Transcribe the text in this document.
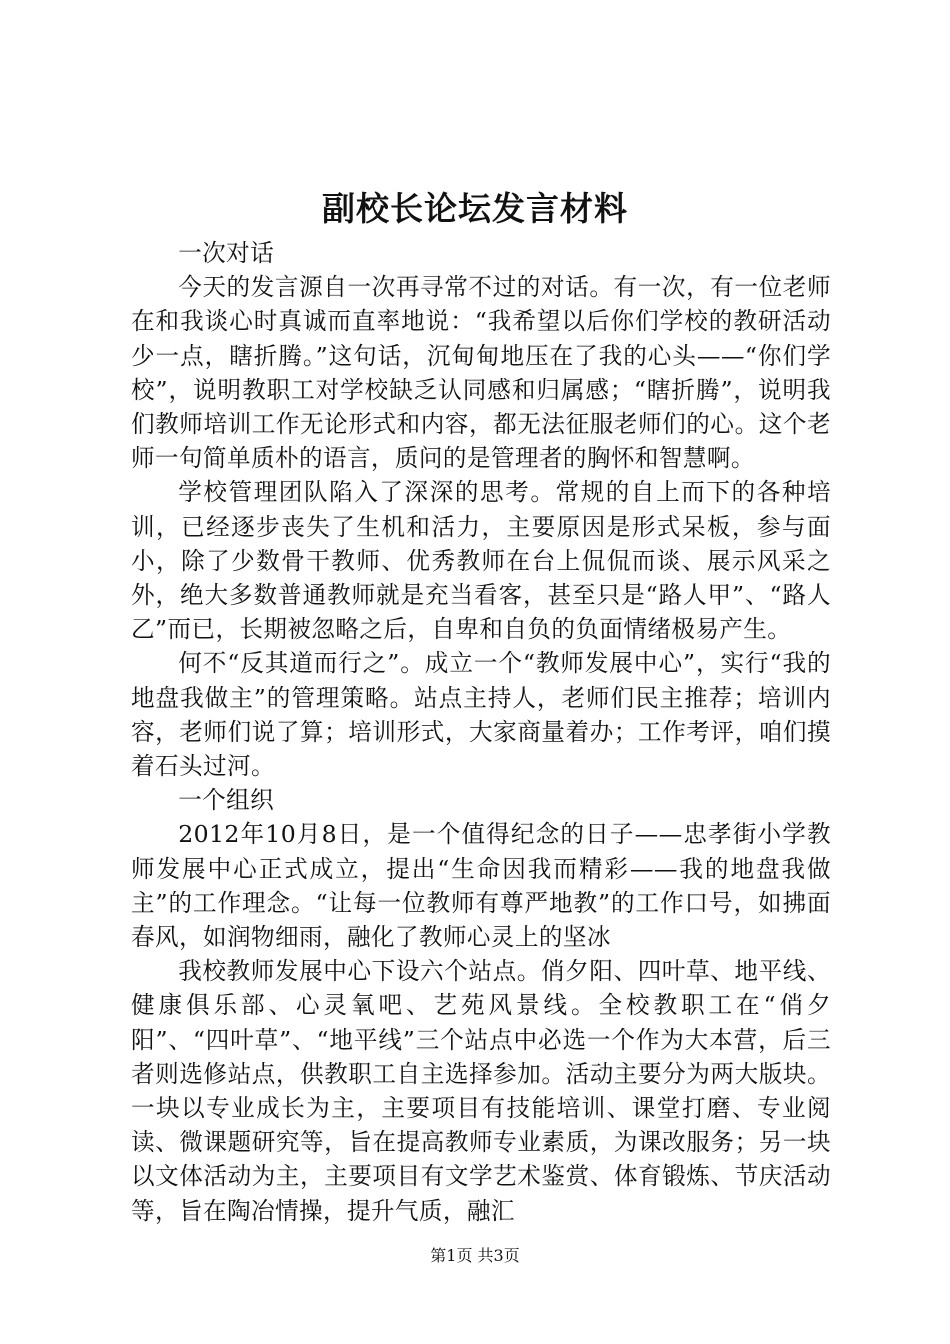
副校长论坛发言材料

一次对话

今天的发言源自一次再寻常不过的对话。有一次，有一位老师在和我谈心时真诚而直率地说：“我希望以后你们学校的教研活动少一点，瞎折腾。”这句话，沉甸甸地压在了我的心头——“你们学校”，说明教职工对学校缺乏认同感和归属感；“瞎折腾”，说明我们教师培训工作无论形式和内容，都无法征服老师们的心。这个老师一句简单质朴的语言，质问的是管理者的胸怀和智慧啊。

学校管理团队陷入了深深的思考。常规的自上而下的各种培训，已经逐步丧失了生机和活力，主要原因是形式呆板，参与面小，除了少数骨干教师、优秀教师在台上侃侃而谈、展示风采之外，绝大多数普通教师就是充当看客，甚至只是“路人甲”、“路人乙”而已，长期被忽略之后，自卑和自负的负面情绪极易产生。

何不“反其道而行之”。成立一个“教师发展中心”，实行“我的地盘我做主”的管理策略。站点主持人，老师们民主推荐；培训内容，老师们说了算；培训形式，大家商量着办；工作考评，咱们摸着石头过河。

一个组织

2012年10月8日，是一个值得纪念的日子——忠孝街小学教师发展中心正式成立，提出“生命因我而精彩——我的地盘我做主”的工作理念。“让每一位教师有尊严地教”的工作口号，如拂面春风，如润物细雨，融化了教师心灵上的坚冰

我校教师发展中心下设六个站点。俏夕阳、四叶草、地平线、健康俱乐部、心灵氧吧、艺苑风景线。全校教职工在“俏夕阳”、“四叶草”、“地平线”三个站点中必选一个作为大本营，后三者则选修站点，供教职工自主选择参加。活动主要分为两大版块。一块以专业成长为主，主要项目有技能培训、课堂打磨、专业阅读、微课题研究等，旨在提高教师专业素质，为课改服务；另一块以文体活动为主，主要项目有文学艺术鉴赏、体育锻炼、节庆活动等，旨在陶冶情操，提升气质，融汇

第1页 共3页
